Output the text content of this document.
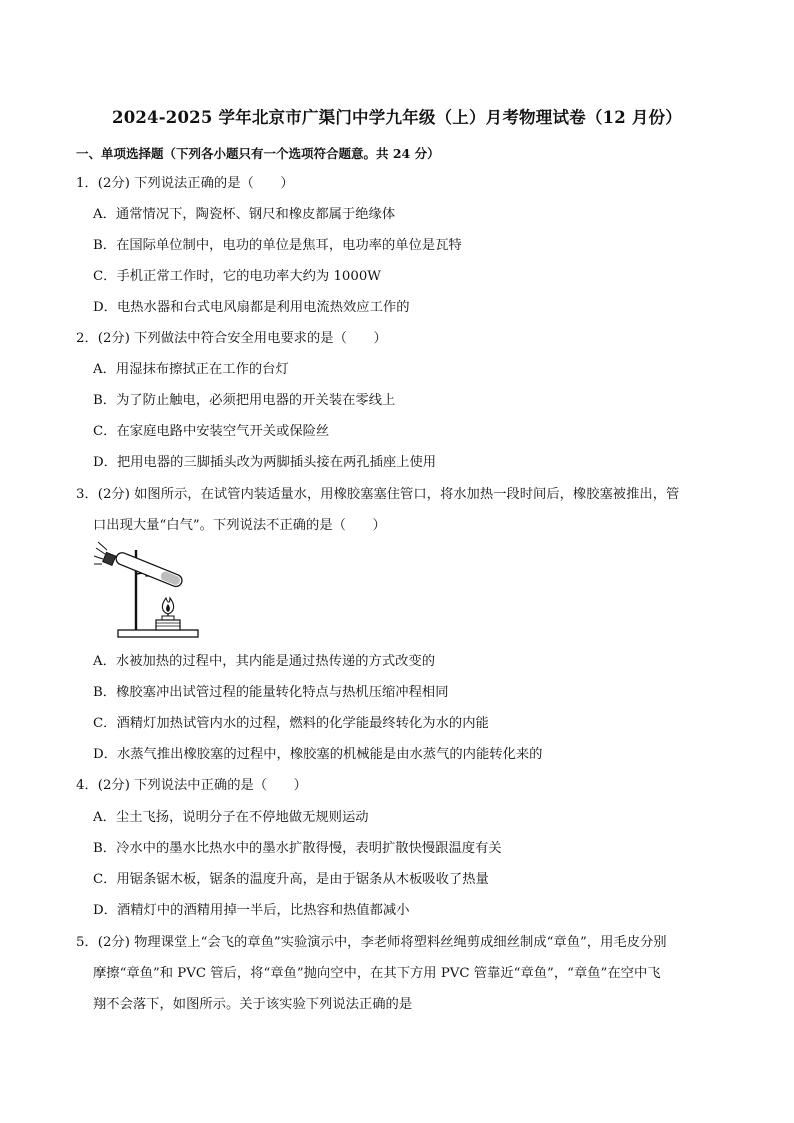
2024-2025 学年北京市广渠门中学九年级（上）月考物理试卷（12 月份）
一、单项选择题（下列各小题只有一个选项符合题意。共 24 分）
1．(2分) 下列说法正确的是（　　）
A．通常情况下，陶瓷杯、钢尺和橡皮都属于绝缘体
B．在国际单位制中，电功的单位是焦耳，电功率的单位是瓦特
C．手机正常工作时，它的电功率大约为 1000W
D．电热水器和台式电风扇都是利用电流热效应工作的
2．(2分) 下列做法中符合安全用电要求的是（　　）
A．用湿抹布擦拭正在工作的台灯
B．为了防止触电，必须把用电器的开关装在零线上
C．在家庭电路中安装空气开关或保险丝
D．把用电器的三脚插头改为两脚插头接在两孔插座上使用
3．(2分) 如图所示，在试管内装适量水，用橡胶塞塞住管口，将水加热一段时间后，橡胶塞被推出，管
口出现大量“白气”。下列说法不正确的是（　　）
A．水被加热的过程中，其内能是通过热传递的方式改变的
B．橡胶塞冲出试管过程的能量转化特点与热机压缩冲程相同
C．酒精灯加热试管内水的过程，燃料的化学能最终转化为水的内能
D．水蒸气推出橡胶塞的过程中，橡胶塞的机械能是由水蒸气的内能转化来的
4．(2分) 下列说法中正确的是（　　）
A．尘土飞扬，说明分子在不停地做无规则运动
B．冷水中的墨水比热水中的墨水扩散得慢，表明扩散快慢跟温度有关
C．用锯条锯木板，锯条的温度升高，是由于锯条从木板吸收了热量
D．酒精灯中的酒精用掉一半后，比热容和热值都减小
5．(2分) 物理课堂上“会飞的章鱼”实验演示中，李老师将塑料丝绳剪成细丝制成“章鱼”，用毛皮分别
摩擦“章鱼”和 PVC 管后，将“章鱼”抛向空中，在其下方用 PVC 管靠近“章鱼”，“章鱼”在空中飞
翔不会落下，如图所示。关于该实验下列说法正确的是
